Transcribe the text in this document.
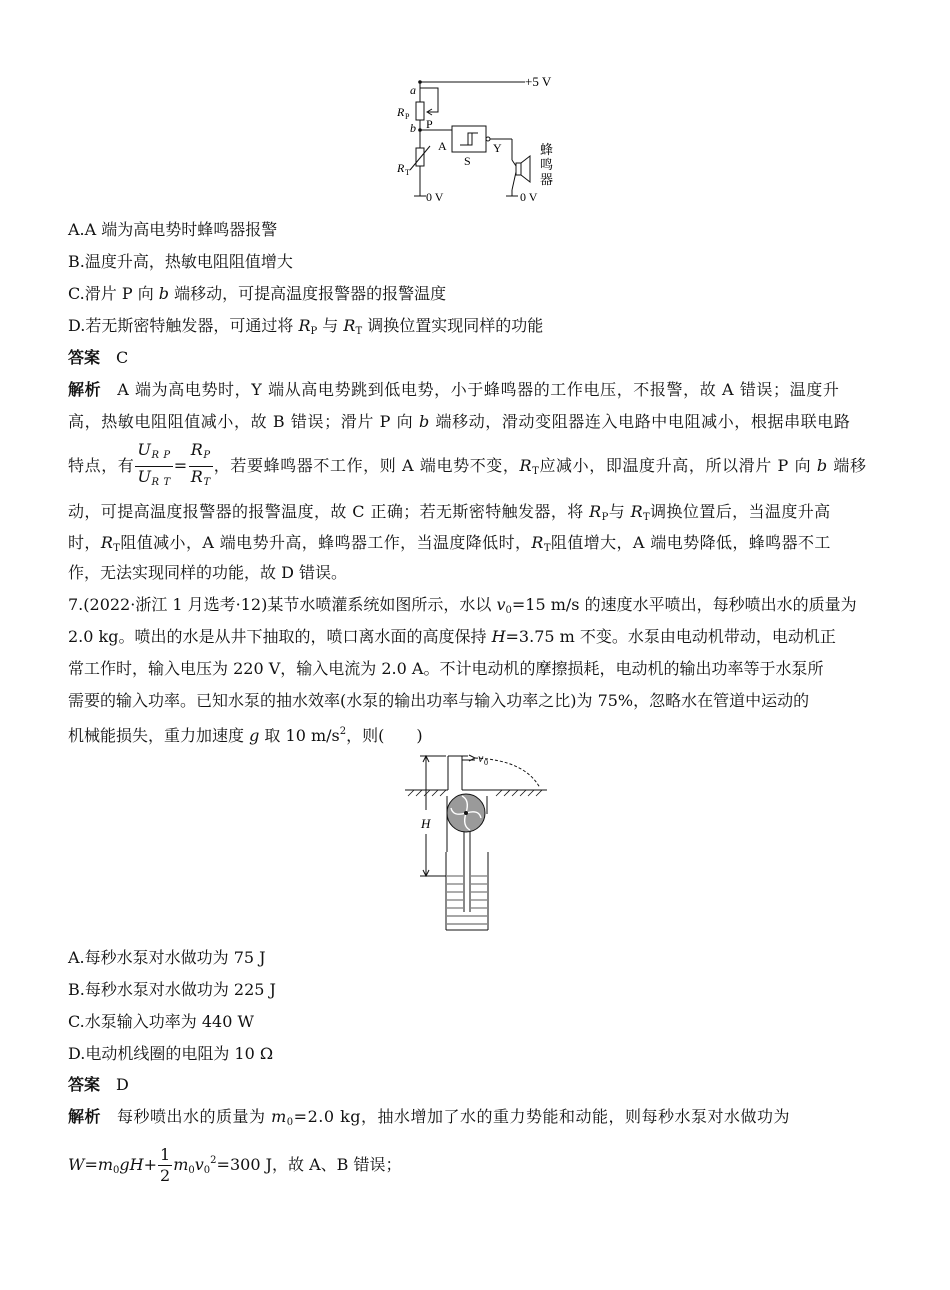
+5 V
a
R P
P
b
A
S
Y
R T
蜂
鸣
器
0 V	0 V
A.A 端为高电势时蜂鸣器报警
B.温度升高，热敏电阻阻值增大
C.滑片 P 向 b 端移动，可提高温度报警器的报警温度
D.若无斯密特触发器，可通过将 $R_P$ 与 $R_T$ 调换位置实现同样的功能
答案 C
解析 A 端为高电势时，Y 端从高电势跳到低电势，小于蜂鸣器的工作电压，不报警，故 A 错误；温度升
高，热敏电阻阻值减小，故 B 错误；滑片 P 向 b 端移动，滑动变阻器连入电路中电阻减小，根据串联电路
特点，有 $\frac{U_{R P}}{U_{R T}} = \frac{R_P}{R_T}$ ，若要蜂鸣器不工作，则 A 端电势不变，$R_T$应减小，即温度升高，所以滑片 P 向 b 端移
动，可提高温度报警器的报警温度，故 C 正确；若无斯密特触发器，将 $R_P$与 $R_T$调换位置后，当温度升高
时，$R_T$阻值减小，A 端电势升高，蜂鸣器工作，当温度降低时，$R_T$阻值增大，A 端电势降低，蜂鸣器不工
作，无法实现同样的功能，故 D 错误。
7.(2022·浙江 1 月选考·12)某节水喷灌系统如图所示，水以 $v_0=15$ m/s 的速度水平喷出，每秒喷出水的质量为
2.0 kg。喷出的水是从井下抽取的，喷口离水面的高度保持 H=3.75 m 不变。水泵由电动机带动，电动机正
常工作时，输入电压为 220 V，输入电流为 2.0 A。不计电动机的摩擦损耗，电动机的输出功率等于水泵所
需要的输入功率。已知水泵的抽水效率(水泵的输出功率与输入功率之比)为 75%，忽略水在管道中运动的
机械能损失，重力加速度 g 取 10 $m/s^2$，则(　　)
v 0
H
A.每秒水泵对水做功为 75 J
B.每秒水泵对水做功为 225 J
C.水泵输入功率为 440 W
D.电动机线圈的电阻为 10 Ω
答案 D
解析 每秒喷出水的质量为 $m_0=2.0$ kg，抽水增加了水的重力势能和动能，则每秒水泵对水做功为
$W=m_0gH+ \frac{1}{2} m_0v_0^2=300$ J，故 A、B 错误；
